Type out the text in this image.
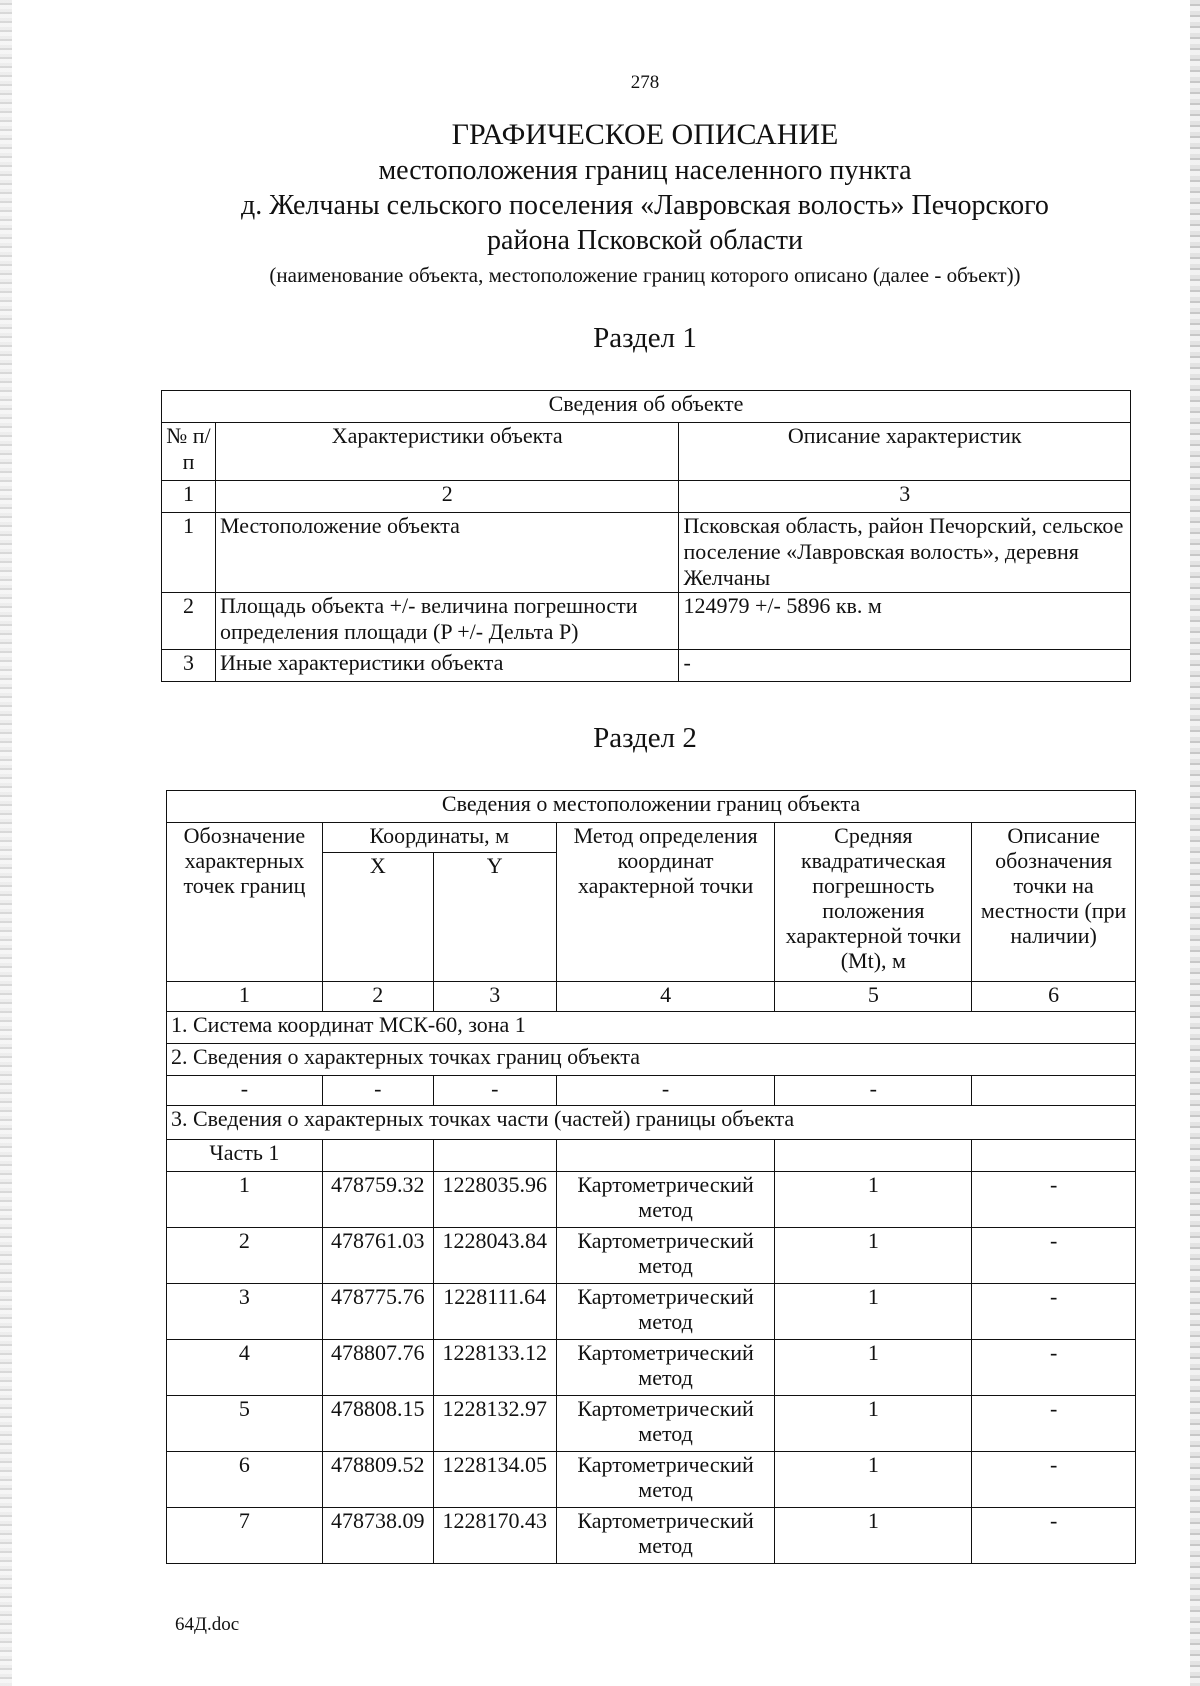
278
ГРАФИЧЕСКОЕ ОПИСАНИЕ
местоположения границ населенного пункта
д. Желчаны сельского поселения «Лавровская волость» Печорского
района Псковской области
(наименование объекта, местоположение границ которого описано (далее - объект))
Раздел 1
Сведения об объекте		
№ п/п	Характеристики объекта	Описание характеристик
1	2	3
1	Местоположение объекта	Псковская область, район Печорский, сельское поселение «Лавровская волость», деревня Желчаны
2	Площадь объекта +/- величина погрешности определения площади (P +/- Дельта P)	124979 +/- 5896 кв. м
3	Иные характеристики объекта	-
Раздел 2
Сведения о местоположении границ объекта					
Обозначение характерных точек границ	Координаты, м		Метод определения координат характерной точки	Средняя квадратическая погрешность положения характерной точки (Mt), м	Описание обозначения точки на местности (при наличии)
	X	Y			
1	2	3	4	5	6
1. Система координат МСК-60, зона 1					
2. Сведения о характерных точках границ объекта					
-	-	-	-	-	
3. Сведения о характерных точках части (частей) границы объекта					
Часть 1					
1	478759.32	1228035.96	Картометрический метод	1	-
2	478761.03	1228043.84	Картометрический метод	1	-
3	478775.76	1228111.64	Картометрический метод	1	-
4	478807.76	1228133.12	Картометрический метод	1	-
5	478808.15	1228132.97	Картометрический метод	1	-
6	478809.52	1228134.05	Картометрический метод	1	-
7	478738.09	1228170.43	Картометрический метод	1	-
64Д.doc
